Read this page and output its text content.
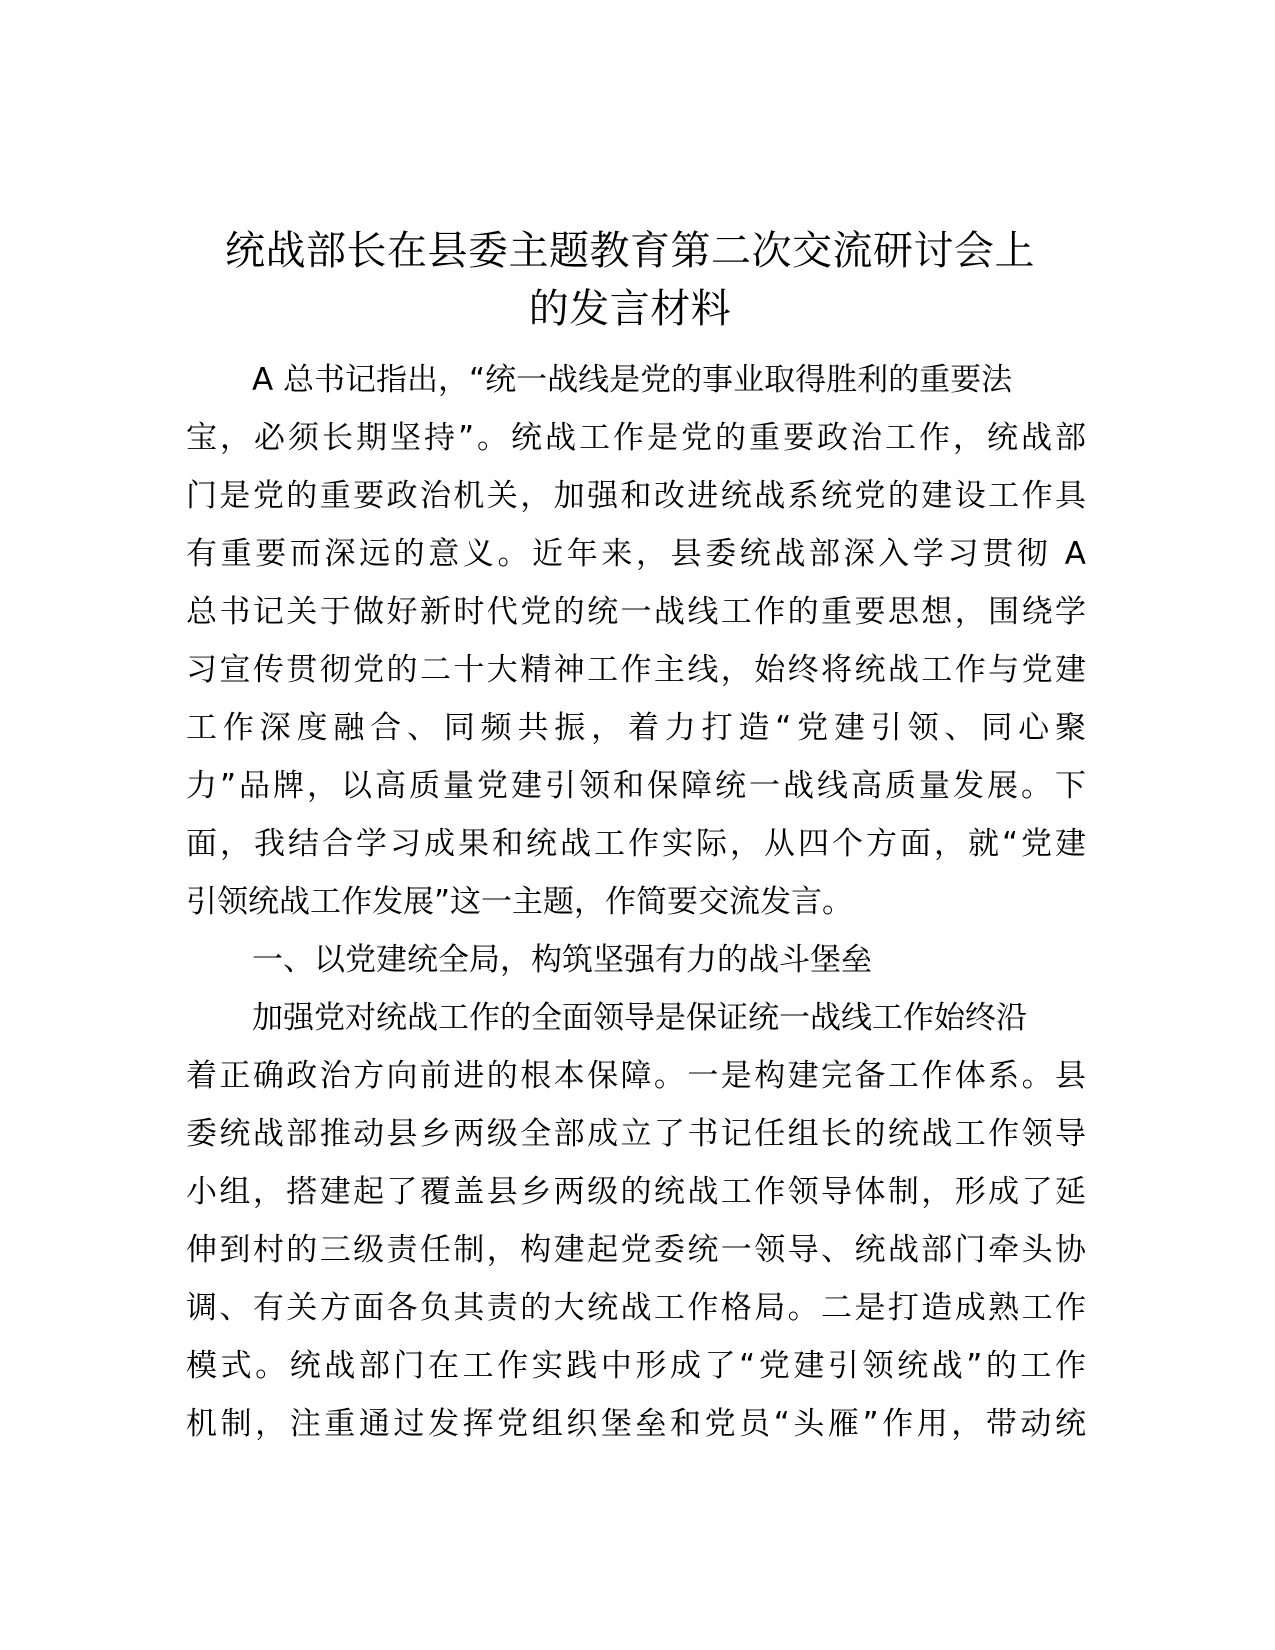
统战部长在县委主题教育第二次交流研讨会上
的发言材料
A 总书记指出，“统一战线是党的事业取得胜利的重要法
宝，必须长期坚持”。统战工作是党的重要政治工作，统战部
门是党的重要政治机关，加强和改进统战系统党的建设工作具
有重要而深远的意义。近年来，县委统战部深入学习贯彻 A
总书记关于做好新时代党的统一战线工作的重要思想，围绕学
习宣传贯彻党的二十大精神工作主线，始终将统战工作与党建
工作深度融合、同频共振，着力打造“党建引领、同心聚
力”品牌，以高质量党建引领和保障统一战线高质量发展。下
面，我结合学习成果和统战工作实际，从四个方面，就“党建
引领统战工作发展”这一主题，作简要交流发言。
一、以党建统全局，构筑坚强有力的战斗堡垒
加强党对统战工作的全面领导是保证统一战线工作始终沿
着正确政治方向前进的根本保障。一是构建完备工作体系。县
委统战部推动县乡两级全部成立了书记任组长的统战工作领导
小组，搭建起了覆盖县乡两级的统战工作领导体制，形成了延
伸到村的三级责任制，构建起党委统一领导、统战部门牵头协
调、有关方面各负其责的大统战工作格局。二是打造成熟工作
模式。统战部门在工作实践中形成了“党建引领统战”的工作
机制，注重通过发挥党组织堡垒和党员“头雁”作用，带动统
